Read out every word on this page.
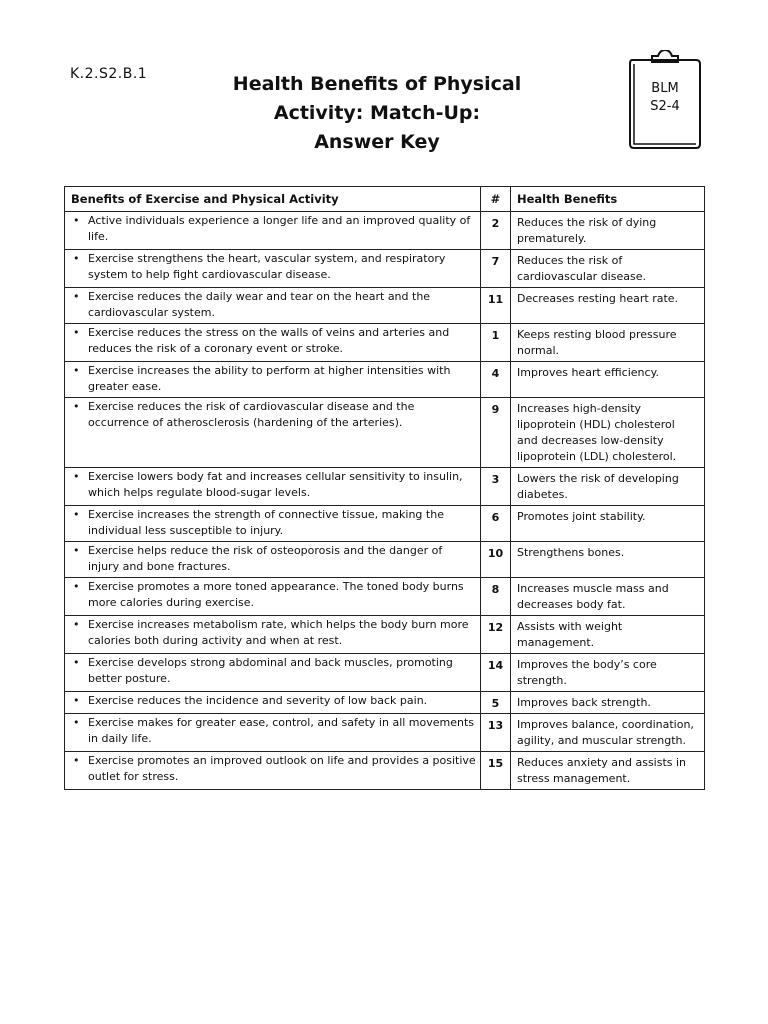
K.2.S2.B.1	Health Benefits of Physical
Activity: Match-Up:
Answer Key
BLM
S2-4
Benefits of Exercise and Physical Activity	#	Health Benefits

• Active individuals experience a longer life and an improved quality of life.	2	Reduces the risk of dying prematurely.

• Exercise strengthens the heart, vascular system, and respiratory system to help fight cardiovascular disease.	7	Reduces the risk of cardiovascular disease.

• Exercise reduces the daily wear and tear on the heart and the cardiovascular system.	11	Decreases resting heart rate.

• Exercise reduces the stress on the walls of veins and arteries and reduces the risk of a coronary event or stroke.	1	Keeps resting blood pressure normal.

• Exercise increases the ability to perform at higher intensities with greater ease.	4	Improves heart efficiency.

• Exercise reduces the risk of cardiovascular disease and the occurrence of atherosclerosis (hardening of the arteries).	9	Increases high-density lipoprotein (HDL) cholesterol and decreases low-density lipoprotein (LDL) cholesterol.

• Exercise lowers body fat and increases cellular sensitivity to insulin, which helps regulate blood-sugar levels.	3	Lowers the risk of developing diabetes.

• Exercise increases the strength of connective tissue, making the individual less susceptible to injury.	6	Promotes joint stability.

• Exercise helps reduce the risk of osteoporosis and the danger of injury and bone fractures.	10	Strengthens bones.

• Exercise promotes a more toned appearance. The toned body burns more calories during exercise.	8	Increases muscle mass and decreases body fat.

• Exercise increases metabolism rate, which helps the body burn more calories both during activity and when at rest.	12	Assists with weight management.

• Exercise develops strong abdominal and back muscles, promoting better posture.	14	Improves the body’s core strength.

• Exercise reduces the incidence and severity of low back pain.	5	Improves back strength.

• Exercise makes for greater ease, control, and safety in all movements in daily life.	13	Improves balance, coordination, agility, and muscular strength.

• Exercise promotes an improved outlook on life and provides a positive outlet for stress.	15	Reduces anxiety and assists in stress management.
